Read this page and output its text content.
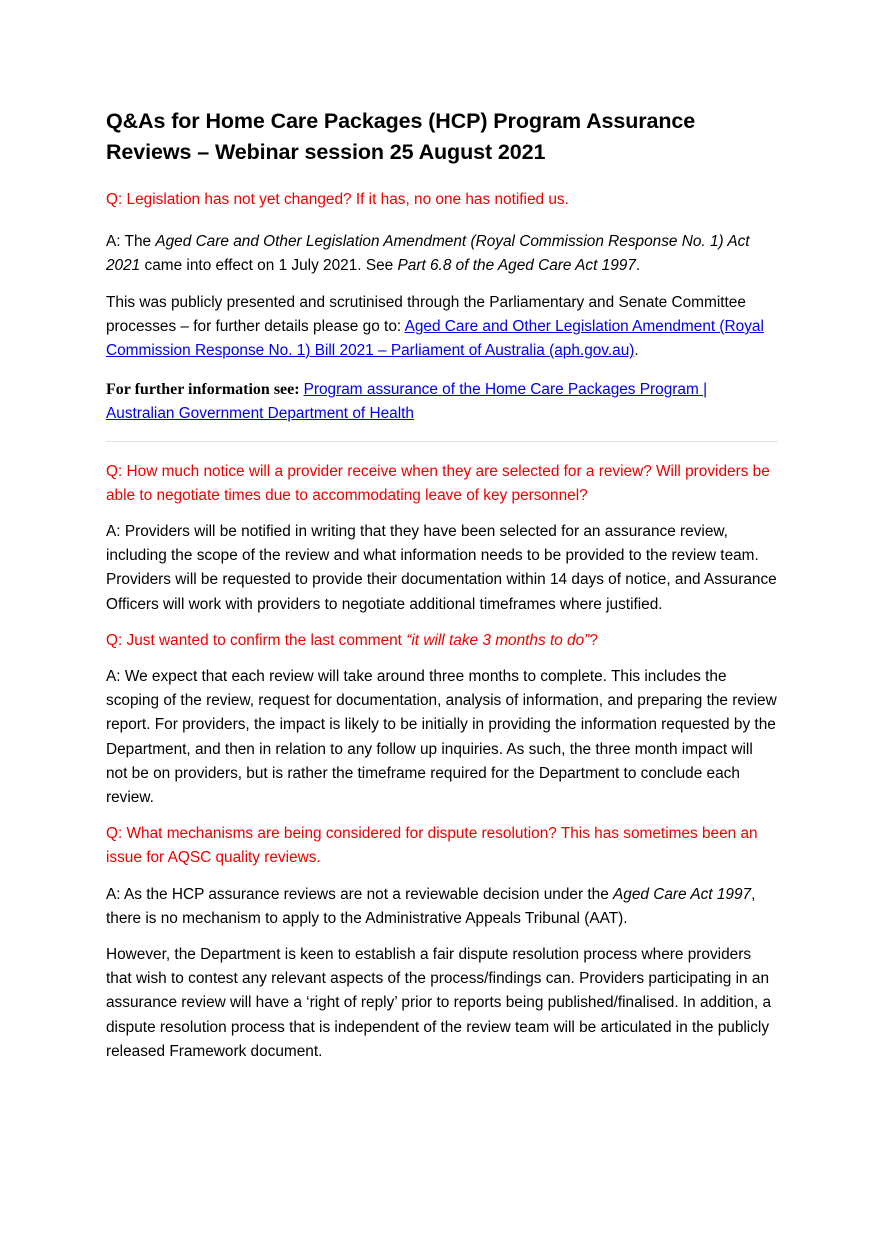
Q&As for Home Care Packages (HCP) Program Assurance Reviews – Webinar session 25 August 2021

Q: Legislation has not yet changed? If it has, no one has notified us.

A: The Aged Care and Other Legislation Amendment (Royal Commission Response No. 1) Act 2021 came into effect on 1 July 2021. See Part 6.8 of the Aged Care Act 1997.

This was publicly presented and scrutinised through the Parliamentary and Senate Committee processes – for further details please go to: Aged Care and Other Legislation Amendment (Royal Commission Response No. 1) Bill 2021 – Parliament of Australia (aph.gov.au).

For further information see: Program assurance of the Home Care Packages Program | Australian Government Department of Health

Q: How much notice will a provider receive when they are selected for a review? Will providers be able to negotiate times due to accommodating leave of key personnel?

A: Providers will be notified in writing that they have been selected for an assurance review, including the scope of the review and what information needs to be provided to the review team. Providers will be requested to provide their documentation within 14 days of notice, and Assurance Officers will work with providers to negotiate additional timeframes where justified.

Q: Just wanted to confirm the last comment “it will take 3 months to do”?

A: We expect that each review will take around three months to complete. This includes the scoping of the review, request for documentation, analysis of information, and preparing the review report. For providers, the impact is likely to be initially in providing the information requested by the Department, and then in relation to any follow up inquiries. As such, the three month impact will not be on providers, but is rather the timeframe required for the Department to conclude each review.

Q: What mechanisms are being considered for dispute resolution? This has sometimes been an issue for AQSC quality reviews.

A: As the HCP assurance reviews are not a reviewable decision under the Aged Care Act 1997, there is no mechanism to apply to the Administrative Appeals Tribunal (AAT).

However, the Department is keen to establish a fair dispute resolution process where providers that wish to contest any relevant aspects of the process/findings can. Providers participating in an assurance review will have a ‘right of reply’ prior to reports being published/finalised. In addition, a dispute resolution process that is independent of the review team will be articulated in the publicly released Framework document.
